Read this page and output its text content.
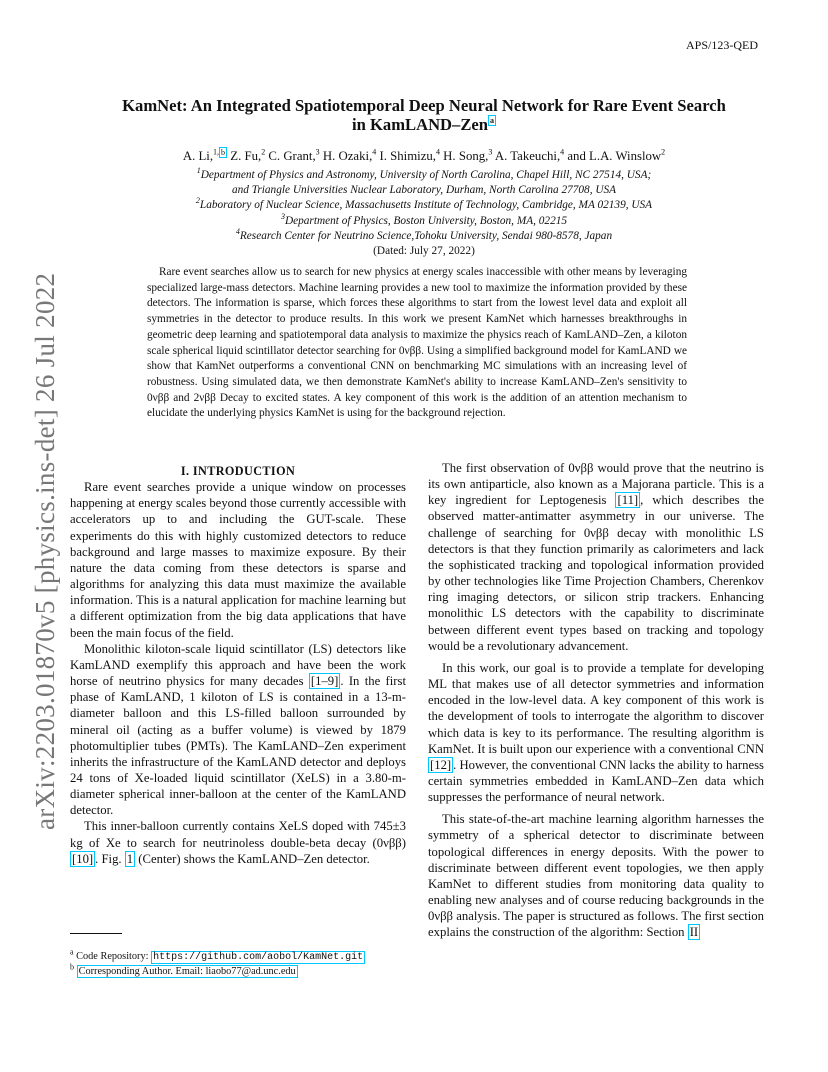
APS/123-QED
arXiv:2203.01870v5 [physics.ins-det] 26 Jul 2022
KamNet: An Integrated Spatiotemporal Deep Neural Network for Rare Event Search
in KamLAND–Zen $^a$
A. Li,$^{1,}$ $^b$ Z. Fu,$^2$ C. Grant,$^3$ H. Ozaki,$^4$ I. Shimizu,$^4$ H. Song,$^3$ A. Takeuchi,$^4$ and L.A. Winslow$^2$
$^1$Department of Physics and Astronomy, University of North Carolina, Chapel Hill, NC 27514, USA;
and Triangle Universities Nuclear Laboratory, Durham, North Carolina 27708, USA
$^2$Laboratory of Nuclear Science, Massachusetts Institute of Technology, Cambridge, MA 02139, USA
$^3$Department of Physics, Boston University, Boston, MA, 02215
$^4$Research Center for Neutrino Science,Tohoku University, Sendai 980-8578, Japan
(Dated: July 27, 2022)
Rare event searches allow us to search for new physics at energy scales inaccessible with other means by leveraging specialized large-mass detectors. Machine learning provides a new tool to maximize the information provided by these detectors. The information is sparse, which forces these algorithms to start from the lowest level data and exploit all symmetries in the detector to produce results. In this work we present KamNet which harnesses breakthroughs in geometric deep learning and spatiotemporal data analysis to maximize the physics reach of KamLAND–Zen, a kiloton scale spherical liquid scintillator detector searching for 0νββ. Using a simplified background model for KamLAND we show that KamNet outperforms a conventional CNN on benchmarking MC simulations with an increasing level of robustness. Using simulated data, we then demonstrate KamNet's ability to increase KamLAND–Zen's sensitivity to 0νββ and 2νββ Decay to excited states. A key component of this work is the addition of an attention mechanism to elucidate the underlying physics KamNet is using for the background rejection.

I. INTRODUCTION

Rare event searches provide a unique window on processes happening at energy scales beyond those currently accessible with accelerators up to and including the GUT-scale. These experiments do this with highly customized detectors to reduce background and large masses to maximize exposure. By their nature the data coming from these detectors is sparse and algorithms for analyzing this data must maximize the available information. This is a natural application for machine learning but a different optimization from the big data applications that have been the main focus of the field.

Monolithic kiloton-scale liquid scintillator (LS) detectors like KamLAND exemplify this approach and have been the work horse of neutrino physics for many decades [1–9] . In the first phase of KamLAND, 1 kiloton of LS is contained in a 13-m-diameter balloon and this LS-filled balloon surrounded by mineral oil (acting as a buffer volume) is viewed by 1879 photomultiplier tubes (PMTs). The KamLAND–Zen experiment inherits the infrastructure of the KamLAND detector and deploys 24 tons of Xe-loaded liquid scintillator (XeLS) in a 3.80-m-diameter spherical inner-balloon at the center of the KamLAND detector.

This inner-balloon currently contains XeLS doped with 745±3 kg of Xe to search for neutrinoless double-beta decay (0νββ) [10] . Fig. 1 (Center) shows the KamLAND–Zen detector.

The first observation of 0νββ would prove that the neutrino is its own antiparticle, also known as a Majorana particle. This is a key ingredient for Leptogenesis [11] , which describes the observed matter-antimatter asymmetry in our universe. The challenge of searching for 0νββ decay with monolithic LS detectors is that they function primarily as calorimeters and lack the sophisticated tracking and topological information provided by other technologies like Time Projection Chambers, Cherenkov ring imaging detectors, or silicon strip trackers. Enhancing monolithic LS detectors with the capability to discriminate between different event types based on tracking and topology would be a revolutionary advancement.

In this work, our goal is to provide a template for developing ML that makes use of all detector symmetries and information encoded in the low-level data. A key component of this work is the development of tools to interrogate the algorithm to discover which data is key to its performance. The resulting algorithm is KamNet. It is built upon our experience with a conventional CNN [12] . However, the conventional CNN lacks the ability to harness certain symmetries embedded in KamLAND–Zen data which suppresses the performance of neural network.

This state-of-the-art machine learning algorithm harnesses the symmetry of a spherical detector to discriminate between topological differences in energy deposits. With the power to discriminate between different event topologies, we then apply KamNet to different studies from monitoring data quality to enabling new analyses and of course reducing backgrounds in the 0νββ analysis. The paper is structured as follows. The first section explains the construction of the algorithm: Section II

$^a$ Code Repository: https://github.com/aobol/KamNet.git
$^b$ Corresponding Author. Email: liaobo77@ad.unc.edu
